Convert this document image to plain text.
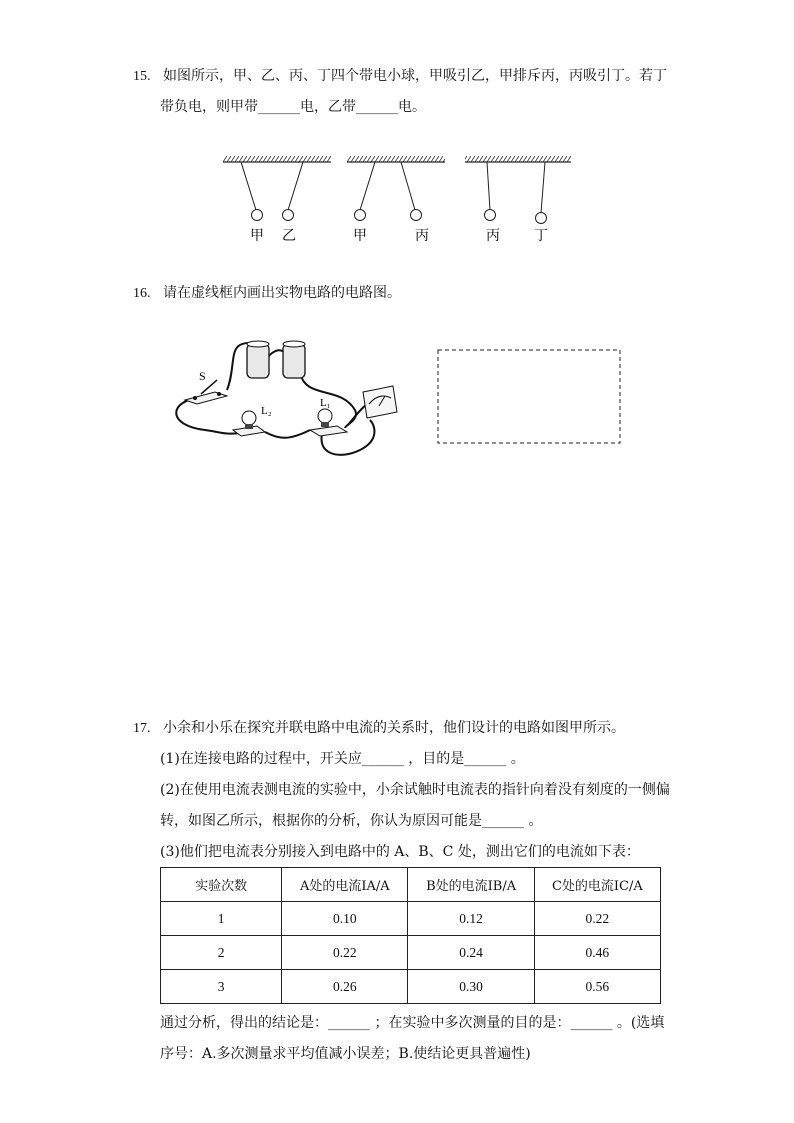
15. 如图所示，甲、乙、丙、丁四个带电小球，甲吸引乙，甲排斥丙，丙吸引丁。若丁
带负电，则甲带______电，乙带______电。
甲 乙	甲	丙	丙 丁
16. 请在虚线框内画出实物电路的电路图。
S
L₂
L₁
17. 小余和小乐在探究并联电路中电流的关系时，他们设计的电路如图甲所示。
(1)在连接电路的过程中，开关应______ ，目的是______ 。
(2)在使用电流表测电流的实验中，小余试触时电流表的指针向着没有刻度的一侧偏
转，如图乙所示，根据你的分析，你认为原因可能是______ 。
(3)他们把电流表分别接入到电路中的 A、B、C 处，测出它们的电流如下表：
实验次数	A处的电流IA/A	B处的电流IB/A	C处的电流IC/A
1	0.10	0.12	0.22
2	0.22	0.24	0.46
3	0.26	0.30	0.56
通过分析，得出的结论是：______ ；在实验中多次测量的目的是：______ 。(选填
序号：A.多次测量求平均值减小误差；B.使结论更具普遍性)
